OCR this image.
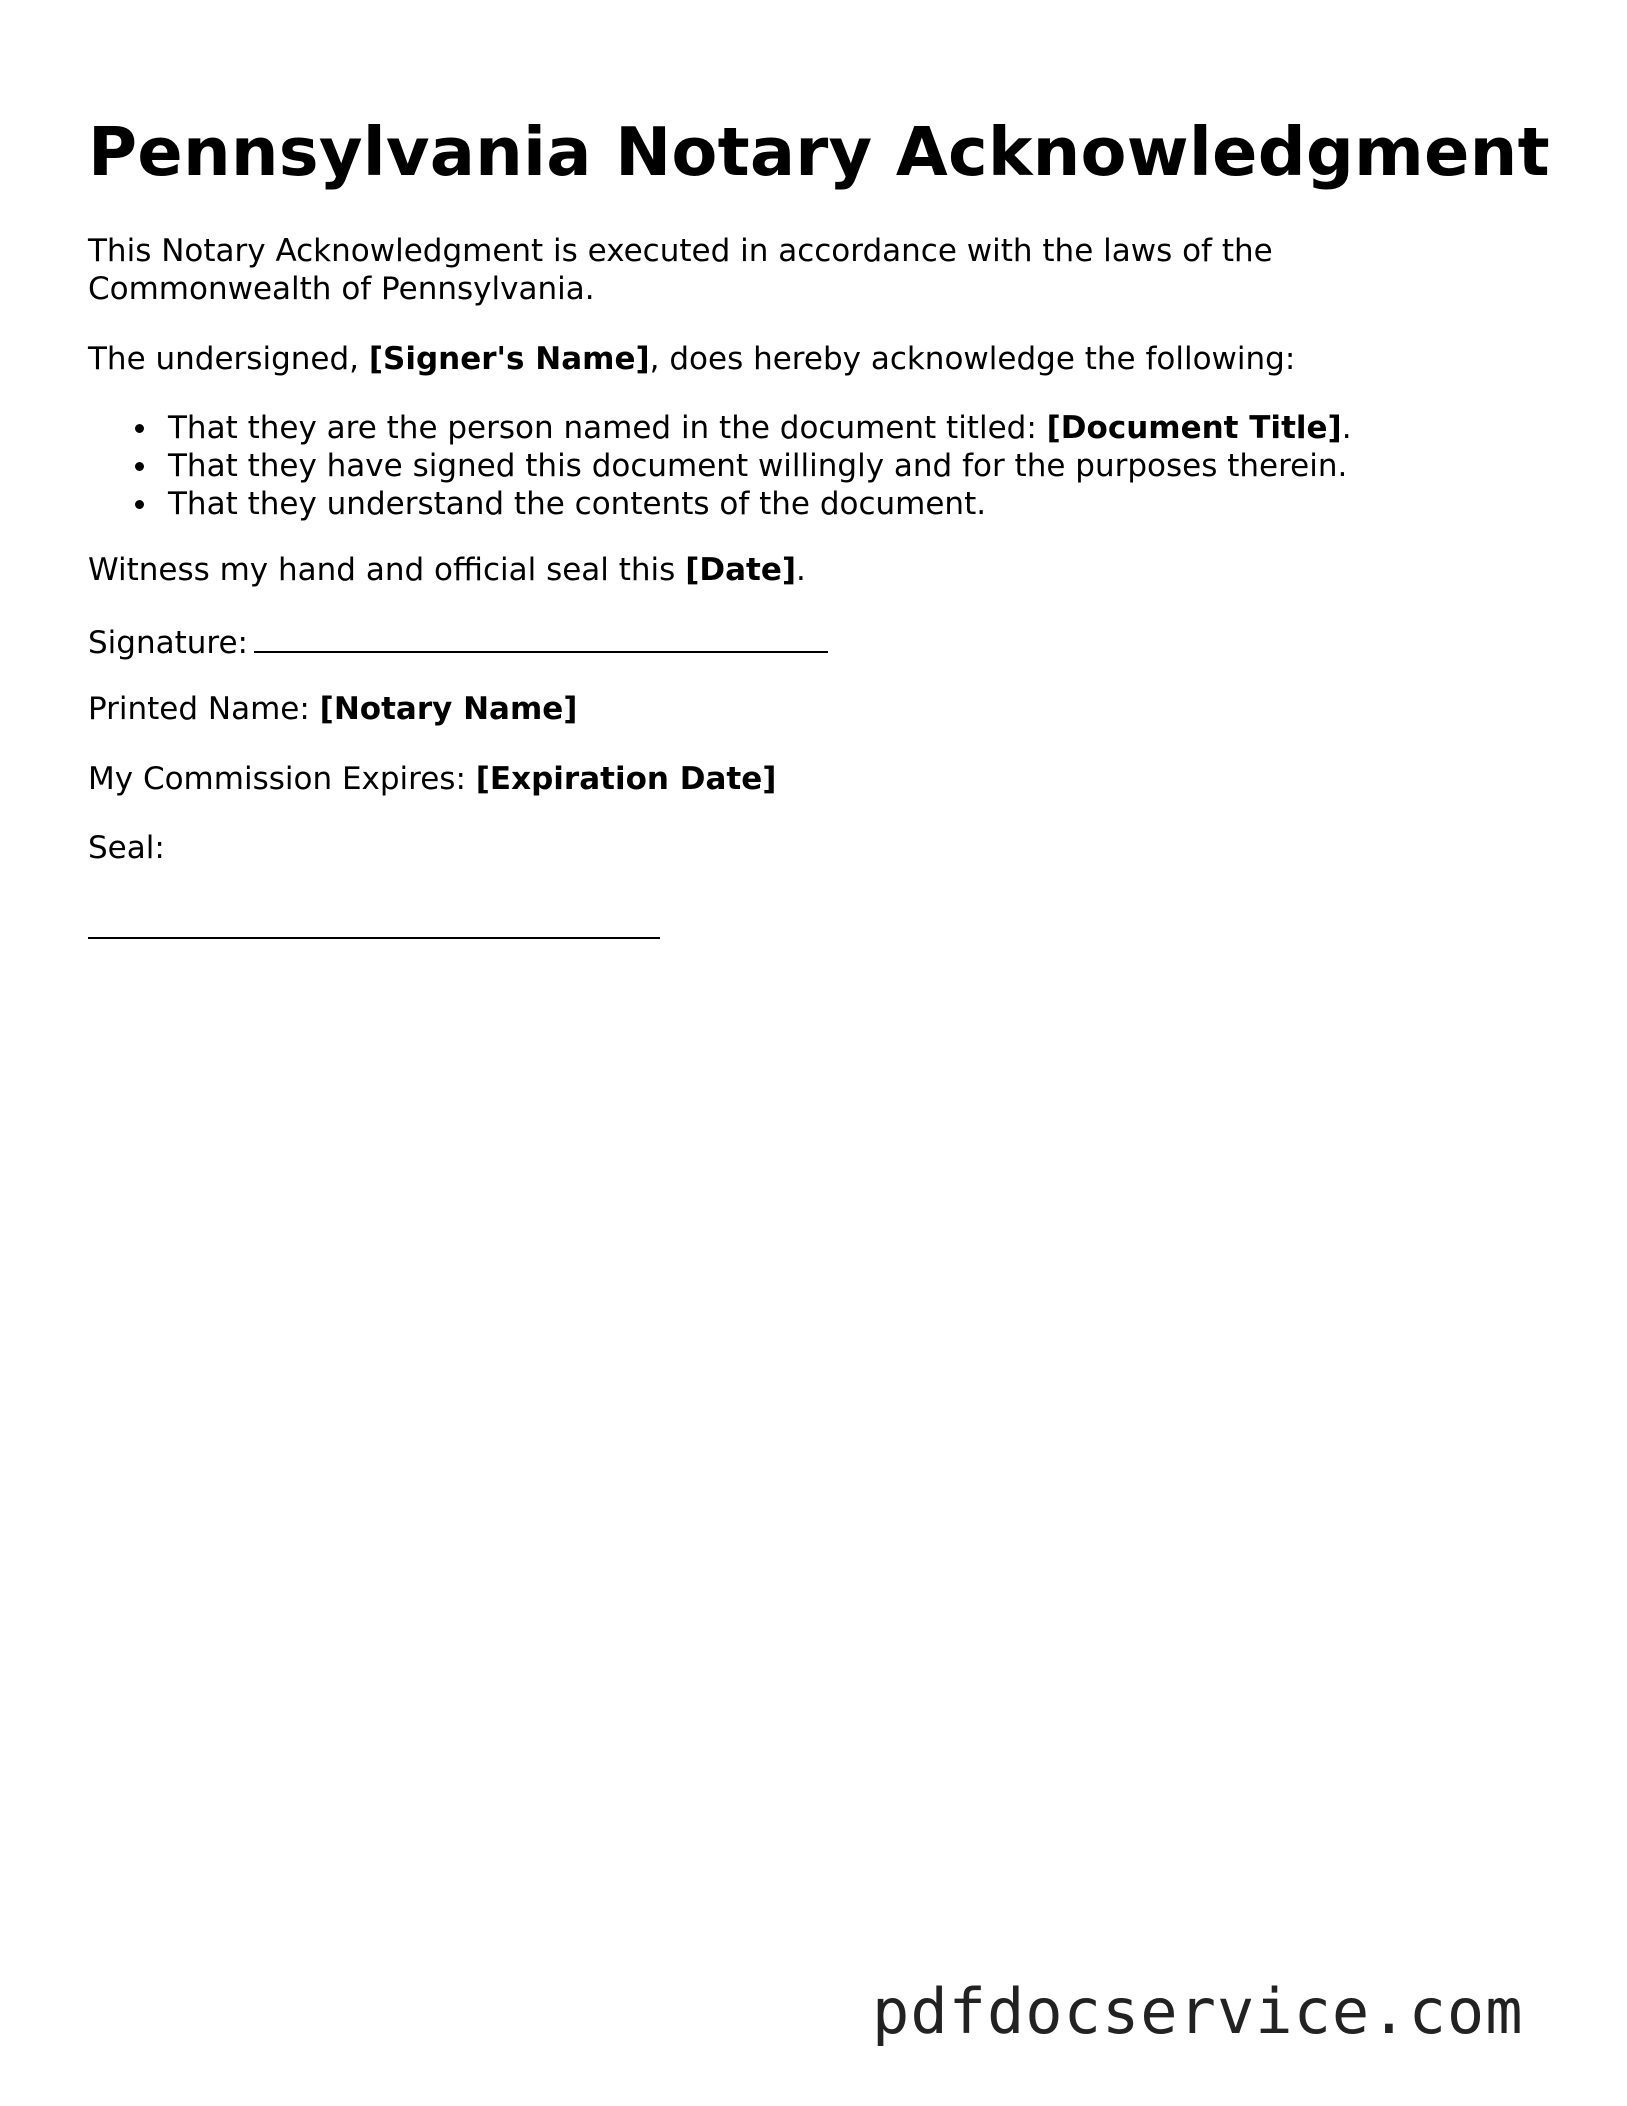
Pennsylvania Notary Acknowledgment

This Notary Acknowledgment is executed in accordance with the laws of the
Commonwealth of Pennsylvania.

The undersigned, [Signer's Name], does hereby acknowledge the following:

That they are the person named in the document titled: [Document Title].
That they have signed this document willingly and for the purposes therein.
That they understand the contents of the document.

Witness my hand and official seal this [Date].

Signature:

Printed Name: [Notary Name]

My Commission Expires: [Expiration Date]

Seal:

pdfdocservice.com
